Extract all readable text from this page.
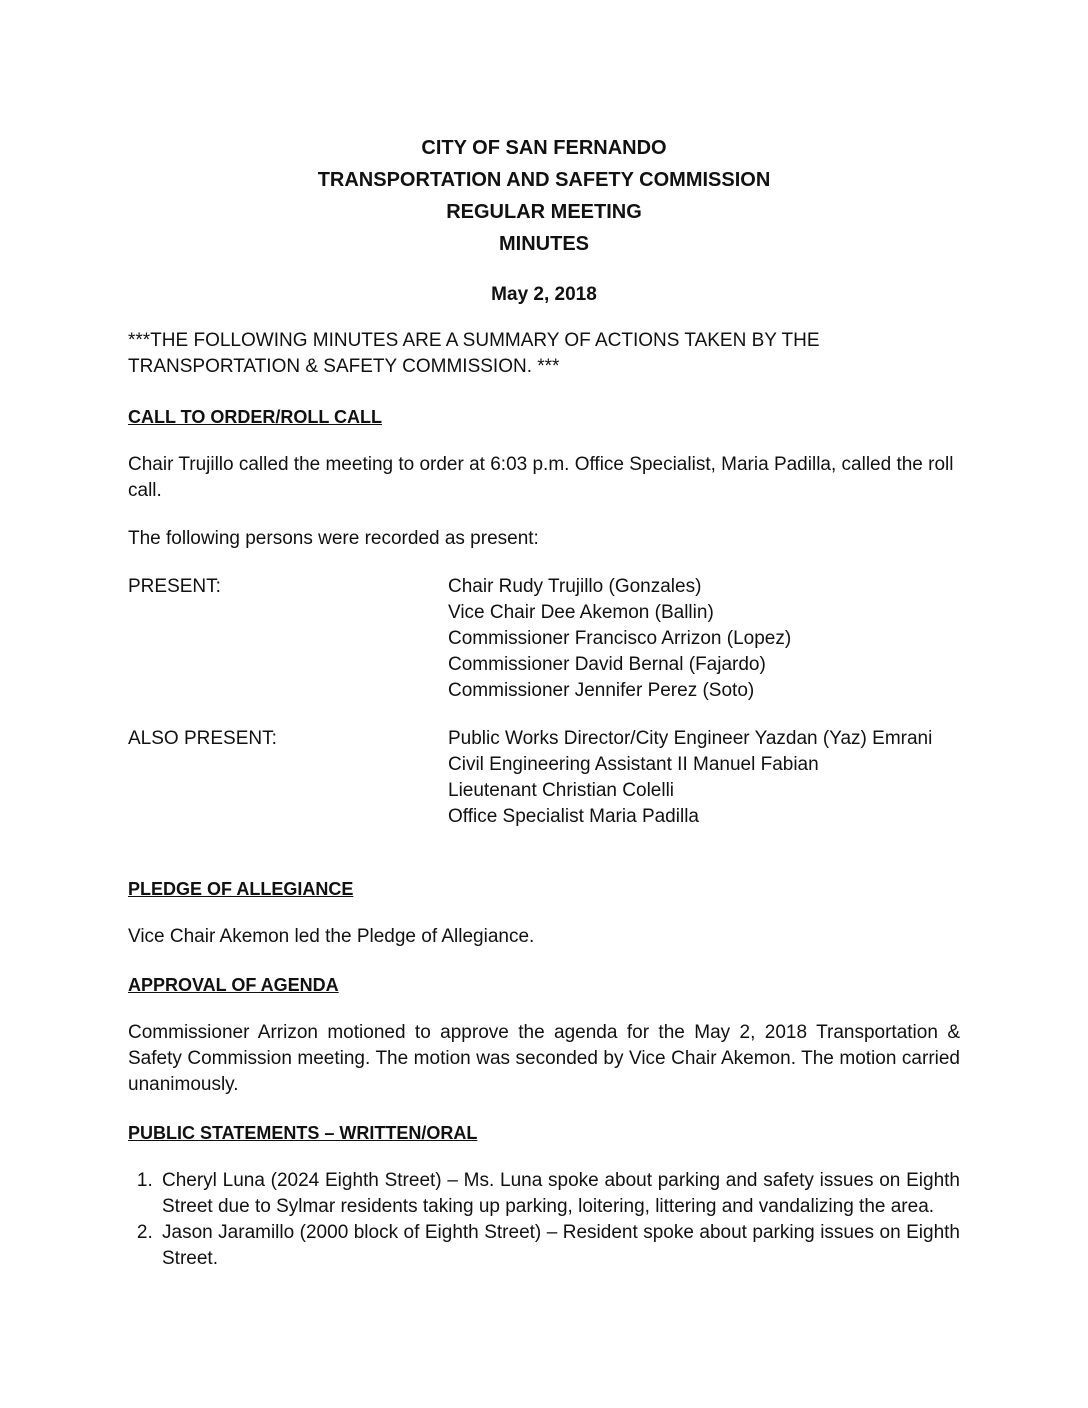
CITY OF SAN FERNANDO
TRANSPORTATION AND SAFETY COMMISSION
REGULAR MEETING
MINUTES
May 2, 2018

***THE FOLLOWING MINUTES ARE A SUMMARY OF ACTIONS TAKEN BY THE TRANSPORTATION & SAFETY COMMISSION. ***

CALL TO ORDER/ROLL CALL

Chair Trujillo called the meeting to order at 6:03 p.m. Office Specialist, Maria Padilla, called the roll call.

The following persons were recorded as present:

PRESENT:	Chair Rudy Trujillo (Gonzales)
Vice Chair Dee Akemon (Ballin)
Commissioner Francisco Arrizon (Lopez)
Commissioner David Bernal (Fajardo)
Commissioner Jennifer Perez (Soto)
ALSO PRESENT:	Public Works Director/City Engineer Yazdan (Yaz) Emrani
Civil Engineering Assistant II Manuel Fabian
Lieutenant Christian Colelli
Office Specialist Maria Padilla

PLEDGE OF ALLEGIANCE

Vice Chair Akemon led the Pledge of Allegiance.

APPROVAL OF AGENDA

Commissioner Arrizon motioned to approve the agenda for the May 2, 2018 Transportation & Safety Commission meeting. The motion was seconded by Vice Chair Akemon. The motion carried unanimously.

PUBLIC STATEMENTS – WRITTEN/ORAL

1. Cheryl Luna (2024 Eighth Street) – Ms. Luna spoke about parking and safety issues on Eighth Street due to Sylmar residents taking up parking, loitering, littering and vandalizing the area.
2. Jason Jaramillo (2000 block of Eighth Street) – Resident spoke about parking issues on Eighth Street.
